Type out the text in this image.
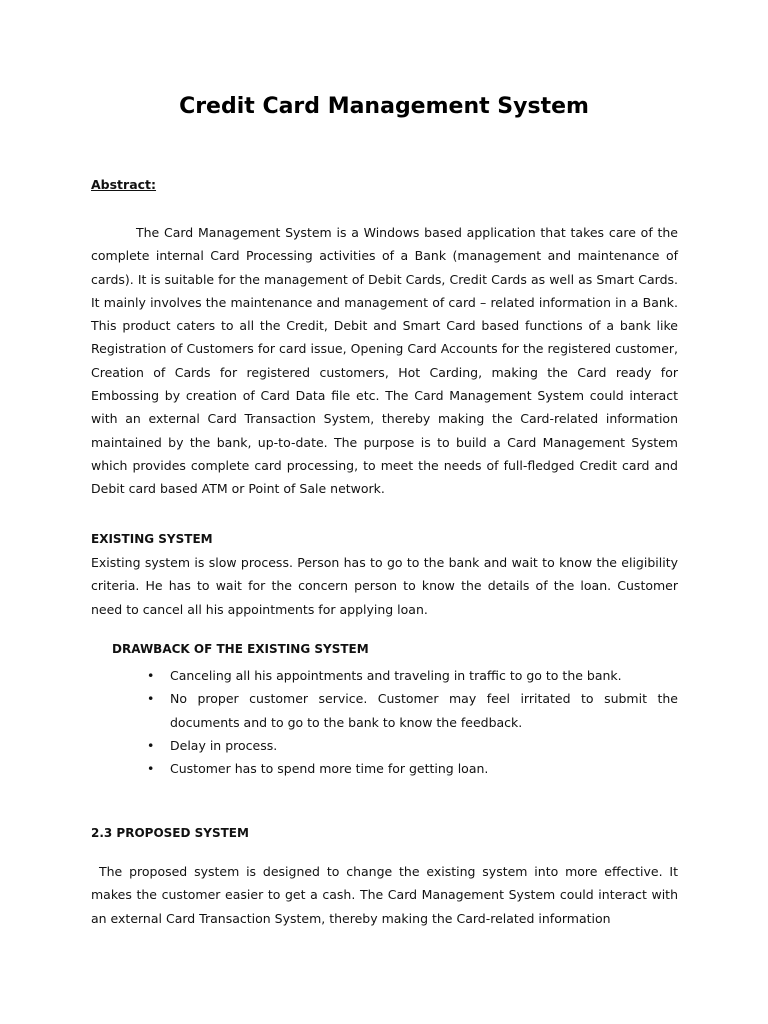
Credit Card Management System
Abstract:

The Card Management System is a Windows based application that takes care of the complete internal Card Processing activities of a Bank (management and maintenance of cards). It is suitable for the management of Debit Cards, Credit Cards as well as Smart Cards. It mainly involves the maintenance and management of card – related information in a Bank. This product caters to all the Credit, Debit and Smart Card based functions of a bank like Registration of Customers for card issue, Opening Card Accounts for the registered customer, Creation of Cards for registered customers, Hot Carding, making the Card ready for Embossing by creation of Card Data file etc. The Card Management System could interact with an external Card Transaction System, thereby making the Card-related information maintained by the bank, up-to-date. The purpose is to build a Card Management System which provides complete card processing, to meet the needs of full-fledged Credit card and Debit card based ATM or Point of Sale network.

EXISTING SYSTEM

Existing system is slow process. Person has to go to the bank and wait to know the eligibility criteria. He has to wait for the concern person to know the details of the loan. Customer need to cancel all his appointments for applying loan.

DRAWBACK OF THE EXISTING SYSTEM
• Canceling all his appointments and traveling in traffic to go to the bank.
• No proper customer service. Customer may feel irritated to submit the documents and to go to the bank to know the feedback.
• Delay in process.
• Customer has to spend more time for getting loan.
2.3 PROPOSED SYSTEM

The proposed system is designed to change the existing system into more effective. It makes the customer easier to get a cash. The Card Management System could interact with an external Card Transaction System, thereby making the Card-related information
